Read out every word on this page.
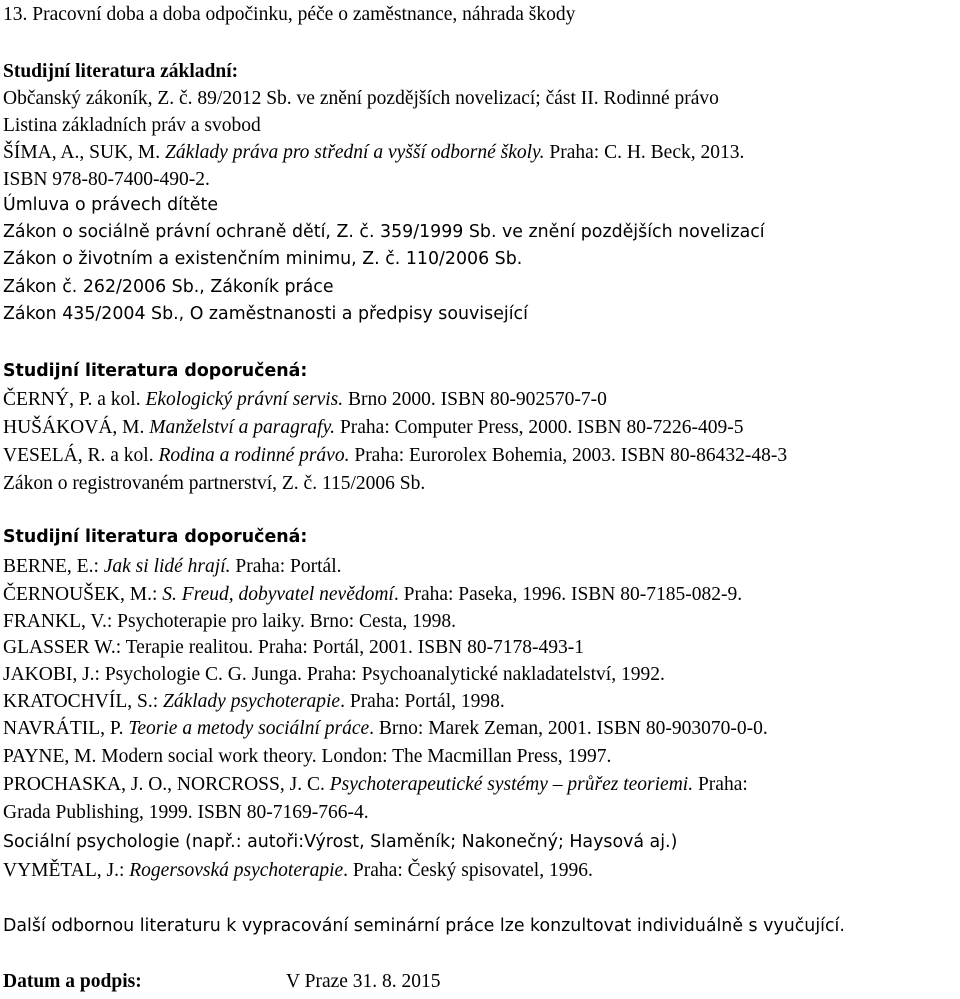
13. Pracovní doba a doba odpočinku, péče o zaměstnance, náhrada škody
Studijní literatura základní:
Občanský zákoník, Z. č. 89/2012 Sb. ve znění pozdějších novelizací; část II. Rodinné právo
Listina základních práv a svobod
ŠÍMA, A., SUK, M. Základy práva pro střední a vyšší odborné školy. Praha: C. H. Beck, 2013.
ISBN 978-80-7400-490-2.
Úmluva o právech dítěte
Zákon o sociálně právní ochraně dětí, Z. č. 359/1999 Sb. ve znění pozdějších novelizací
Zákon o životním a existenčním minimu, Z. č. 110/2006 Sb.
Zákon č. 262/2006 Sb., Zákoník práce
Zákon 435/2004 Sb., O zaměstnanosti a předpisy související
Studijní literatura doporučená:
ČERNÝ, P. a kol. Ekologický právní servis. Brno 2000. ISBN 80-902570-7-0
HUŠÁKOVÁ, M. Manželství a paragrafy. Praha: Computer Press, 2000. ISBN 80-7226-409-5
VESELÁ, R. a kol. Rodina a rodinné právo. Praha: Eurorolex Bohemia, 2003. ISBN 80-86432-48-3
Zákon o registrovaném partnerství, Z. č. 115/2006 Sb.
Studijní literatura doporučená:
BERNE, E.: Jak si lidé hrají. Praha: Portál.
ČERNOUŠEK, M.: S. Freud, dobyvatel nevědomí. Praha: Paseka, 1996. ISBN 80-7185-082-9.
FRANKL, V.: Psychoterapie pro laiky. Brno: Cesta, 1998.
GLASSER W.: Terapie realitou. Praha: Portál, 2001. ISBN 80-7178-493-1
JAKOBI, J.: Psychologie C. G. Junga. Praha: Psychoanalytické nakladatelství, 1992.
KRATOCHVÍL, S.: Základy psychoterapie. Praha: Portál, 1998.
NAVRÁTIL, P. Teorie a metody sociální práce. Brno: Marek Zeman, 2001. ISBN 80-903070-0-0.
PAYNE, M. Modern social work theory. London: The Macmillan Press, 1997.
PROCHASKA, J. O., NORCROSS, J. C. Psychoterapeutické systémy – průřez teoriemi. Praha:
Grada Publishing, 1999. ISBN 80-7169-766-4.
Sociální psychologie (např.: autoři:Výrost, Slaměník; Nakonečný; Haysová aj.)
VYMĚTAL, J.: Rogersovská psychoterapie. Praha: Český spisovatel, 1996.
Další odbornou literaturu k vypracování seminární práce lze konzultovat individuálně s vyučující.
Datum a podpis:	V Praze 31. 8. 2015
